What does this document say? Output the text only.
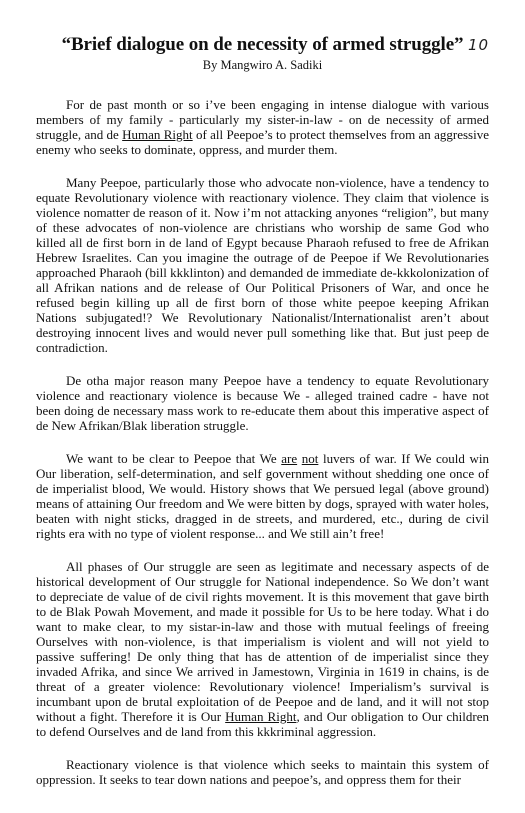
10
“Brief dialogue on de necessity of armed struggle”
By Mangwiro A. Sadiki

For de past month or so i’ve been engaging in intense dialogue with various members of my family - particularly my sister-in-law - on de necessity of armed struggle, and de Human Right of all Peepoe’s to protect themselves from an aggressive enemy who seeks to dominate, oppress, and murder them.

Many Peepoe, particularly those who advocate non-violence, have a tendency to equate Revolutionary violence with reactionary violence. They claim that violence is violence nomatter de reason of it. Now i’m not attacking anyones “religion”, but many of these advocates of non-violence are christians who worship de same God who killed all de first born in de land of Egypt because Pharaoh refused to free de Afrikan Hebrew Israelites. Can you imagine the outrage of de Peepoe if We Revolutionaries approached Pharaoh (bill kkklinton) and demanded de immediate de-kkkolonization of all Afrikan nations and de release of Our Political Prisoners of War, and once he refused begin killing up all de first born of those white peepoe keeping Afrikan Nations subjugated!? We Revolutionary Nationalist/Internationalist aren’t about destroying innocent lives and would never pull something like that. But just peep de contradiction.

De otha major reason many Peepoe have a tendency to equate Revolutionary violence and reactionary violence is because We - alleged trained cadre - have not been doing de necessary mass work to re-educate them about this imperative aspect of de New Afrikan/Blak liberation struggle.

We want to be clear to Peepoe that We are not luvers of war. If We could win Our liberation, self-determination, and self government without shedding one once of de imperialist blood, We would. History shows that We persued legal (above ground) means of attaining Our freedom and We were bitten by dogs, sprayed with water holes, beaten with night sticks, dragged in de streets, and murdered, etc., during de civil rights era with no type of violent response... and We still ain’t free!

All phases of Our struggle are seen as legitimate and necessary aspects of de historical development of Our struggle for National independence. So We don’t want to depreciate de value of de civil rights movement. It is this movement that gave birth to de Blak Powah Movement, and made it possible for Us to be here today. What i do want to make clear, to my sistar-in-law and those with mutual feelings of freeing Ourselves with non-violence, is that imperialism is violent and will not yield to passive suffering! De only thing that has de attention of de imperialist since they invaded Afrika, and since We arrived in Jamestown, Virginia in 1619 in chains, is de threat of a greater violence: Revolutionary violence! Imperialism’s survival is incumbant upon de brutal exploitation of de Peepoe and de land, and it will not stop without a fight. Therefore it is Our Human Right, and Our obligation to Our children to defend Ourselves and de land from this kkkriminal aggression.

Reactionary violence is that violence which seeks to maintain this system of oppression. It seeks to tear down nations and peepoe’s, and oppress them for their
